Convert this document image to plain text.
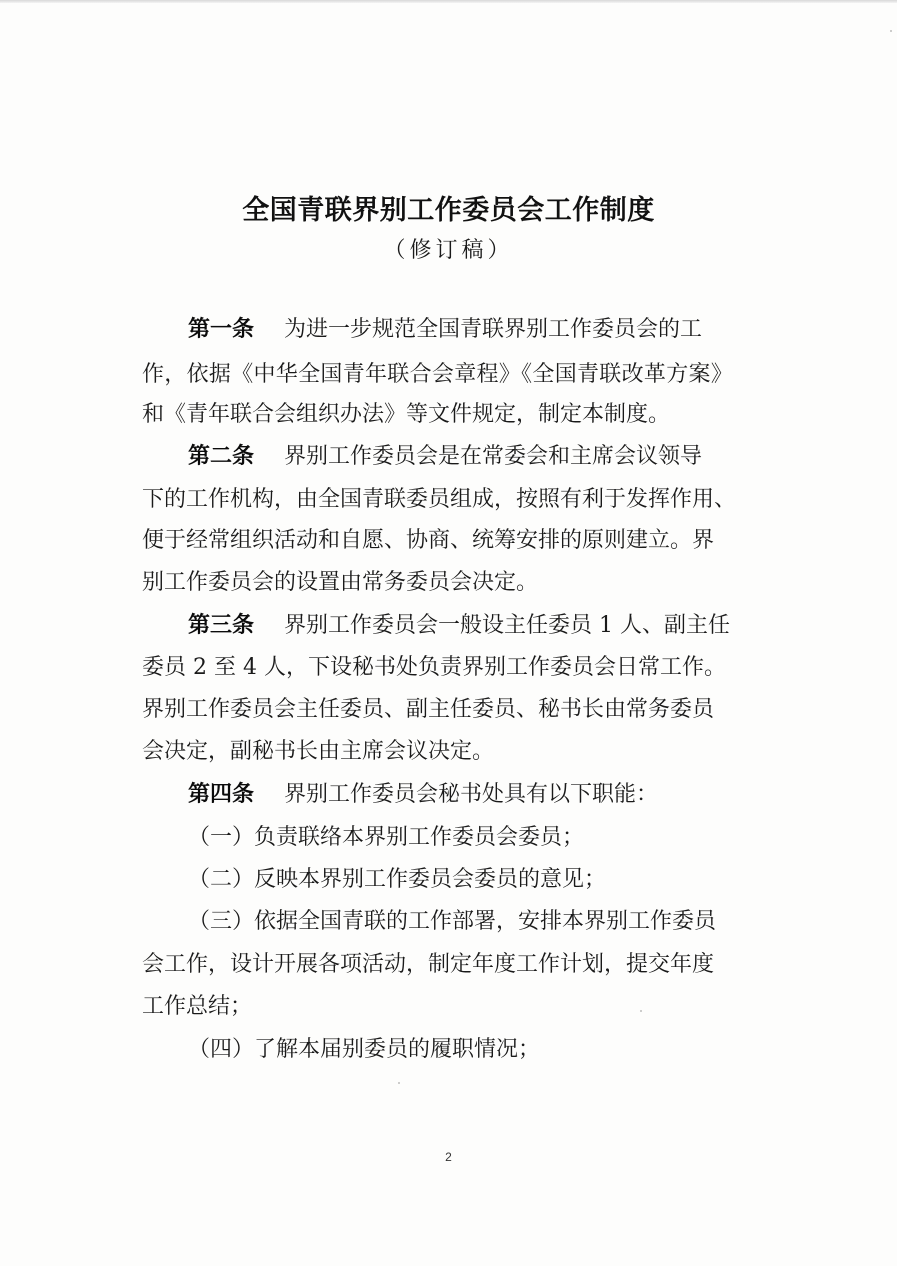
全国青联界别工作委员会工作制度
（修订稿）
第一条 为进一步规范全国青联界别工作委员会的工
作，依据《中华全国青年联合会章程》《全国青联改革方案》
和《青年联合会组织办法》等文件规定，制定本制度。
第二条 界别工作委员会是在常委会和主席会议领导
下的工作机构，由全国青联委员组成，按照有利于发挥作用、
便于经常组织活动和自愿、协商、统筹安排的原则建立。界
别工作委员会的设置由常务委员会决定。
第三条 界别工作委员会一般设主任委员 1 人、副主任
委员 2 至 4 人，下设秘书处负责界别工作委员会日常工作。
界别工作委员会主任委员、副主任委员、秘书长由常务委员
会决定，副秘书长由主席会议决定。
第四条 界别工作委员会秘书处具有以下职能：
（一）负责联络本界别工作委员会委员；
（二）反映本界别工作委员会委员的意见；
（三）依据全国青联的工作部署，安排本界别工作委员
会工作，设计开展各项活动，制定年度工作计划，提交年度
工作总结；
（四）了解本届别委员的履职情况；
2
